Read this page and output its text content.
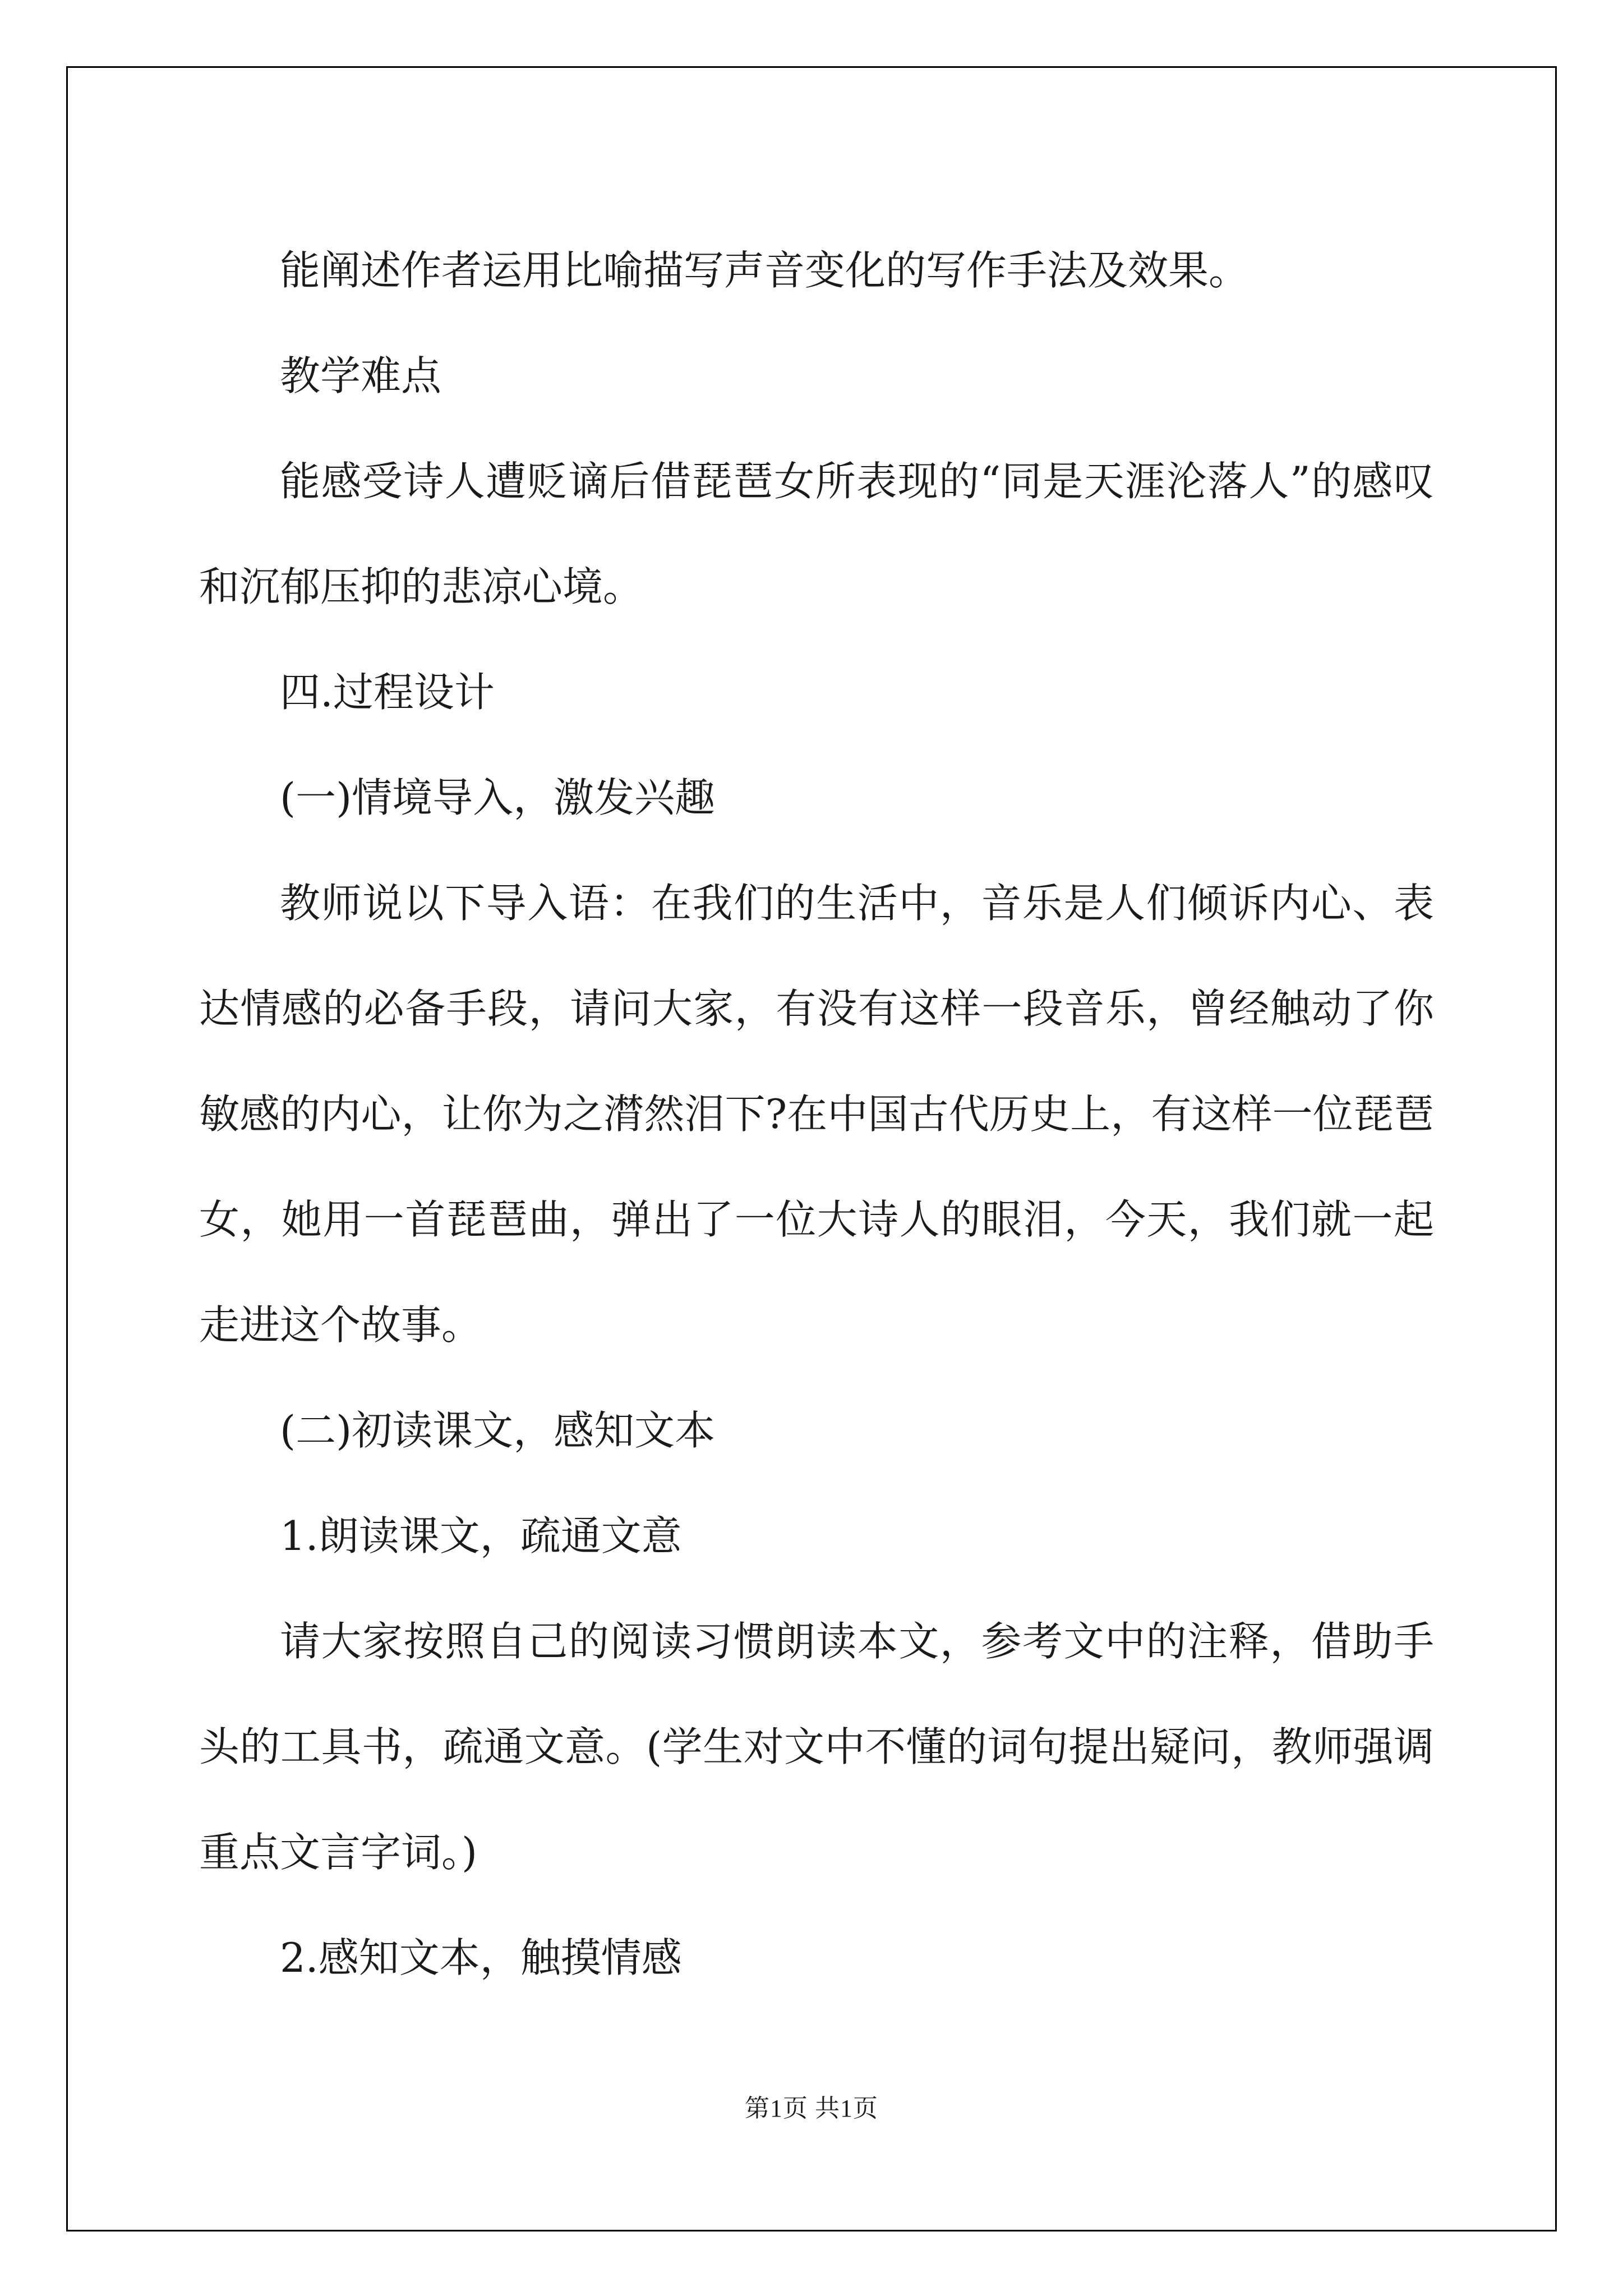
能阐述作者运用比喻描写声音变化的写作手法及效果。

教学难点

能感受诗人遭贬谪后借琵琶女所表现的“同是天涯沦落人”的感叹和沉郁压抑的悲凉心境。

四.过程设计

(一)情境导入，激发兴趣

教师说以下导入语：在我们的生活中，音乐是人们倾诉内心、表达情感的必备手段，请问大家，有没有这样一段音乐，曾经触动了你敏感的内心，让你为之潸然泪下?在中国古代历史上，有这样一位琵琶女，她用一首琵琶曲，弹出了一位大诗人的眼泪，今天，我们就一起走进这个故事。

(二)初读课文，感知文本

1.朗读课文，疏通文意

请大家按照自己的阅读习惯朗读本文，参考文中的注释，借助手头的工具书，疏通文意。(学生对文中不懂的词句提出疑问，教师强调重点文言字词。)

2.感知文本，触摸情感

第1页 共1页
